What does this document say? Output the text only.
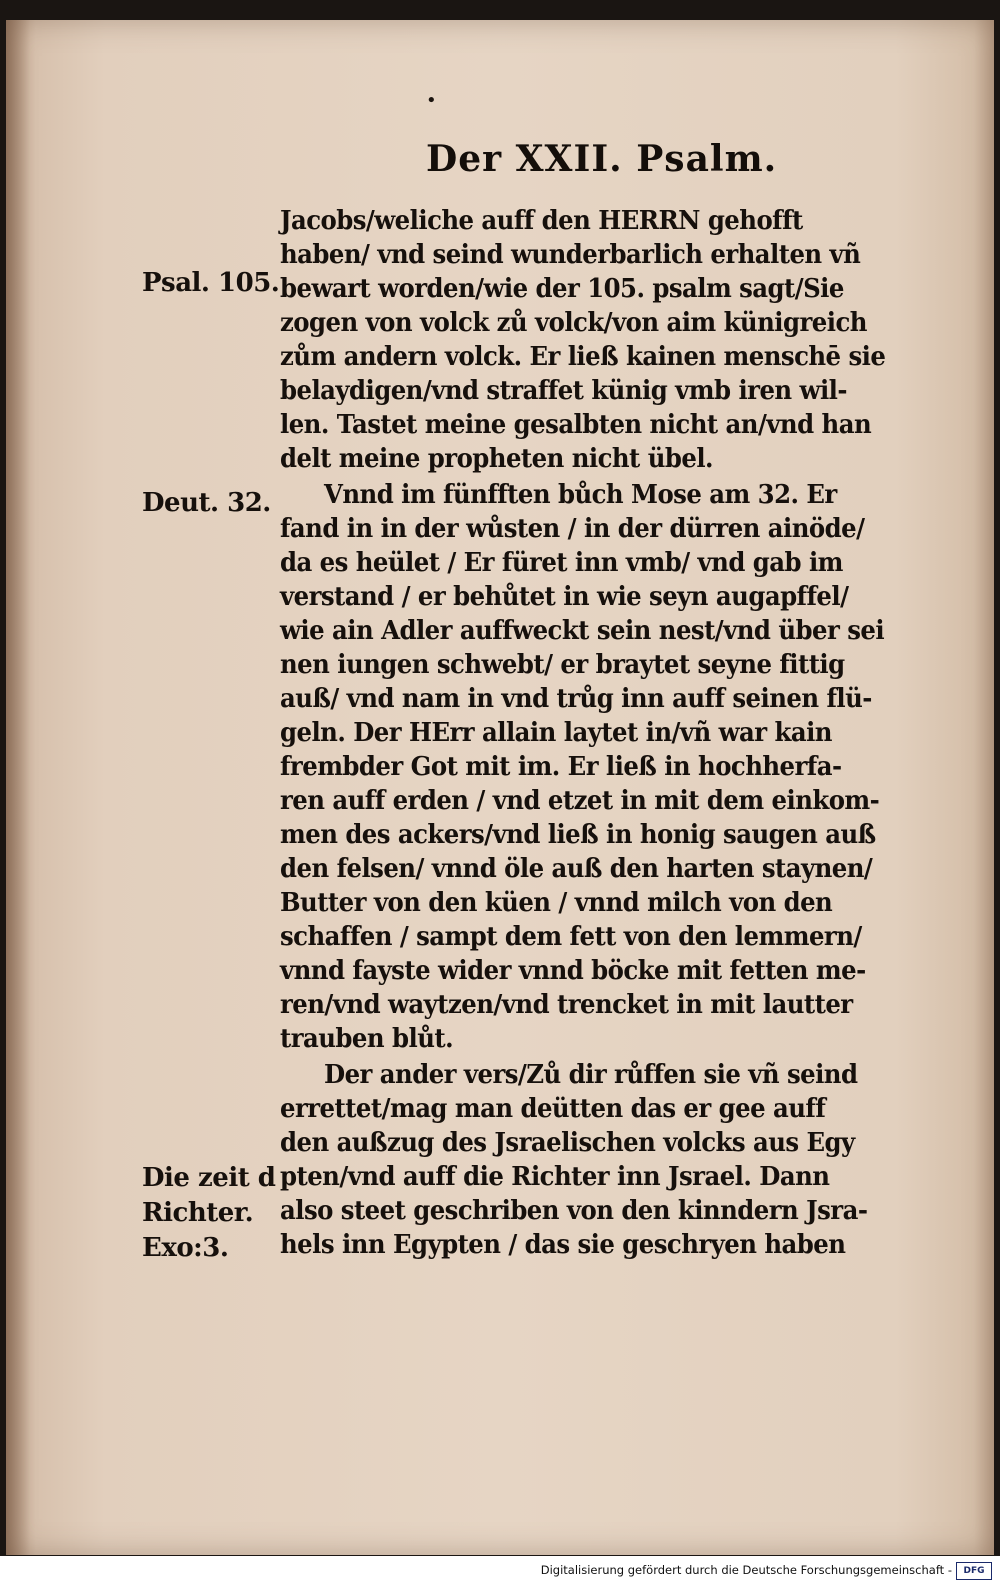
•
Der XXII. Psalm.
Psal. 105.
Deut. 32.
Die zeit d
Richter.
Exo:3.
Jacobs/weliche auff den HERRN gehofft
haben/ vnd seind wunderbarlich erhalten vñ
bewart worden/wie der 105. psalm sagt/Sie
zogen von volck zů volck/von aim künigreich
zům andern volck. Er ließ kainen menschē sie
belaydigen/vnd straffet künig vmb iren wil-
len. Tastet meine gesalbten nicht an/vnd han
delt meine propheten nicht übel.
Vnnd im fünfften bůch Mose am 32. Er
fand in in der wůsten / in der dürren ainöde/
da es heület / Er füret inn vmb/ vnd gab im
verstand / er behůtet in wie seyn augapffel/
wie ain Adler auffweckt sein nest/vnd über sei
nen iungen schwebt/ er braytet seyne fittig
auß/ vnd nam in vnd trůg inn auff seinen flü-
geln. Der HErr allain laytet in/vñ war kain
frembder Got mit im. Er ließ in hochherfa-
ren auff erden / vnd etzet in mit dem einkom-
men des ackers/vnd ließ in honig saugen auß
den felsen/ vnnd öle auß den harten staynen/
Butter von den küen / vnnd milch von den
schaffen / sampt dem fett von den lemmern/
vnnd fayste wider vnnd böcke mit fetten me-
ren/vnd waytzen/vnd trencket in mit lautter
trauben blůt.
Der ander vers/Zů dir růffen sie vñ seind
errettet/mag man deütten das er gee auff
den außzug des Jsraelischen volcks aus Egy
pten/vnd auff die Richter inn Jsrael. Dann
also steet geschriben von den kinndern Jsra-
hels inn Egypten / das sie geschryen haben
Digitalisierung gefördert durch die Deutsche Forschungsgemeinschaft -	DFG
